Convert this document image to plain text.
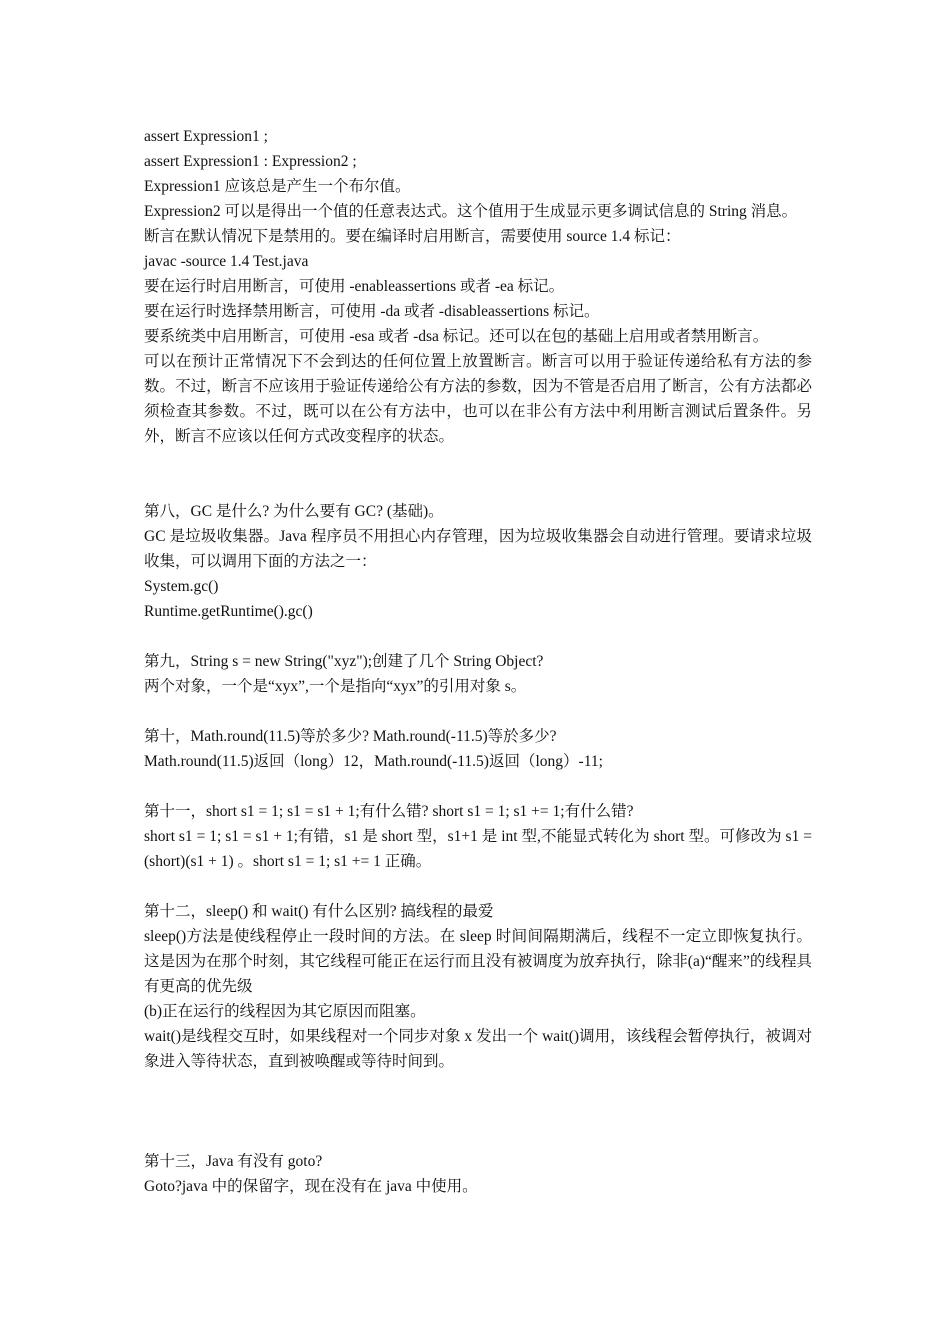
assert Expression1 ;

assert Expression1 : Expression2 ;

Expression1 应该总是产生一个布尔值。

Expression2 可以是得出一个值的任意表达式。这个值用于生成显示更多调试信息的 String 消息。

断言在默认情况下是禁用的。要在编译时启用断言，需要使用 source 1.4 标记：

javac -source 1.4 Test.java

要在运行时启用断言，可使用 -enableassertions 或者 -ea 标记。

要在运行时选择禁用断言，可使用 -da 或者 -disableassertions 标记。

要系统类中启用断言，可使用 -esa 或者 -dsa 标记。还可以在包的基础上启用或者禁用断言。

可以在预计正常情况下不会到达的任何位置上放置断言。断言可以用于验证传递给私有方法的参数。不过，断言不应该用于验证传递给公有方法的参数，因为不管是否启用了断言，公有方法都必须检查其参数。不过，既可以在公有方法中，也可以在非公有方法中利用断言测试后置条件。另外，断言不应该以任何方式改变程序的状态。

第八，GC 是什么? 为什么要有 GC? (基础)。

GC 是垃圾收集器。Java 程序员不用担心内存管理，因为垃圾收集器会自动进行管理。要请求垃圾收集，可以调用下面的方法之一：

System.gc()

Runtime.getRuntime().gc()

第九，String s = new String("xyz");创建了几个 String Object?

两个对象，一个是“xyx”,一个是指向“xyx”的引用对象 s。

第十，Math.round(11.5)等於多少? Math.round(-11.5)等於多少?

Math.round(11.5)返回（long）12，Math.round(-11.5)返回（long）-11;

第十一，short s1 = 1; s1 = s1 + 1;有什么错? short s1 = 1; s1 += 1;有什么错?

short s1 = 1; s1 = s1 + 1;有错，s1 是 short 型，s1+1 是 int 型,不能显式转化为 short 型。可修改为 s1 =(short)(s1 + 1) 。short s1 = 1; s1 += 1 正确。

第十二，sleep() 和 wait() 有什么区别? 搞线程的最爱

sleep()方法是使线程停止一段时间的方法。在 sleep 时间间隔期满后，线程不一定立即恢复执行。这是因为在那个时刻，其它线程可能正在运行而且没有被调度为放弃执行，除非(a)“醒来”的线程具有更高的优先级

(b)正在运行的线程因为其它原因而阻塞。

wait()是线程交互时，如果线程对一个同步对象 x 发出一个 wait()调用，该线程会暂停执行，被调对象进入等待状态，直到被唤醒或等待时间到。

第十三，Java 有没有 goto?

Goto?java 中的保留字，现在没有在 java 中使用。
